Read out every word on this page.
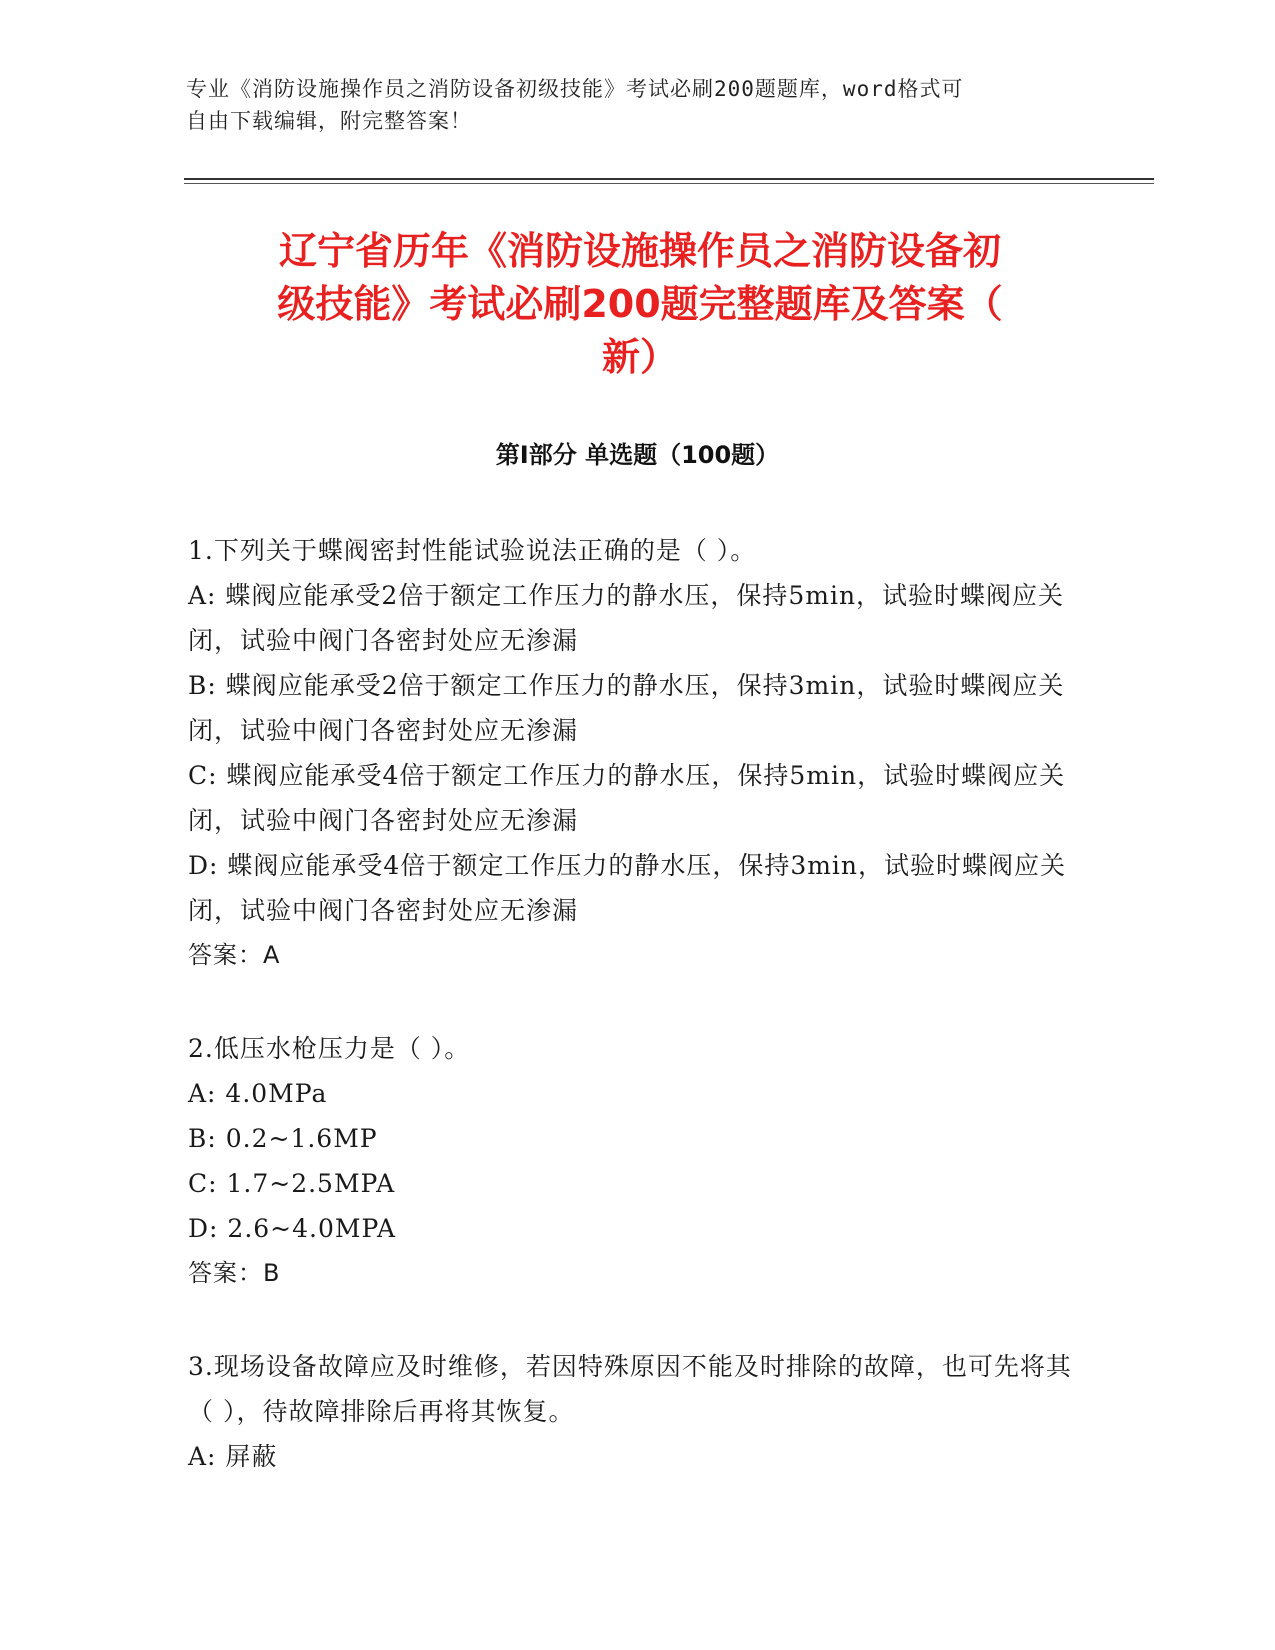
专业《消防设施操作员之消防设备初级技能》考试必刷200题题库，word格式可
自由下载编辑，附完整答案！
辽宁省历年《消防设施操作员之消防设备初
级技能》考试必刷200题完整题库及答案（
新）
第I部分 单选题（100题）

1.下列关于蝶阀密封性能试验说法正确的是（ ）。

A: 蝶阀应能承受2倍于额定工作压力的静水压，保持5min，试验时蝶阀应关闭，试验中阀门各密封处应无渗漏

B: 蝶阀应能承受2倍于额定工作压力的静水压，保持3min，试验时蝶阀应关闭，试验中阀门各密封处应无渗漏

C: 蝶阀应能承受4倍于额定工作压力的静水压，保持5min，试验时蝶阀应关闭，试验中阀门各密封处应无渗漏

D: 蝶阀应能承受4倍于额定工作压力的静水压，保持3min，试验时蝶阀应关闭，试验中阀门各密封处应无渗漏

答案：A

2.低压水枪压力是（ ）。

A: 4.0MPa

B: 0.2~1.6MP

C: 1.7~2.5MPA

D: 2.6~4.0MPA

答案：B

3.现场设备故障应及时维修，若因特殊原因不能及时排除的故障，也可先将其（ ），待故障排除后再将其恢复。

A: 屏蔽
